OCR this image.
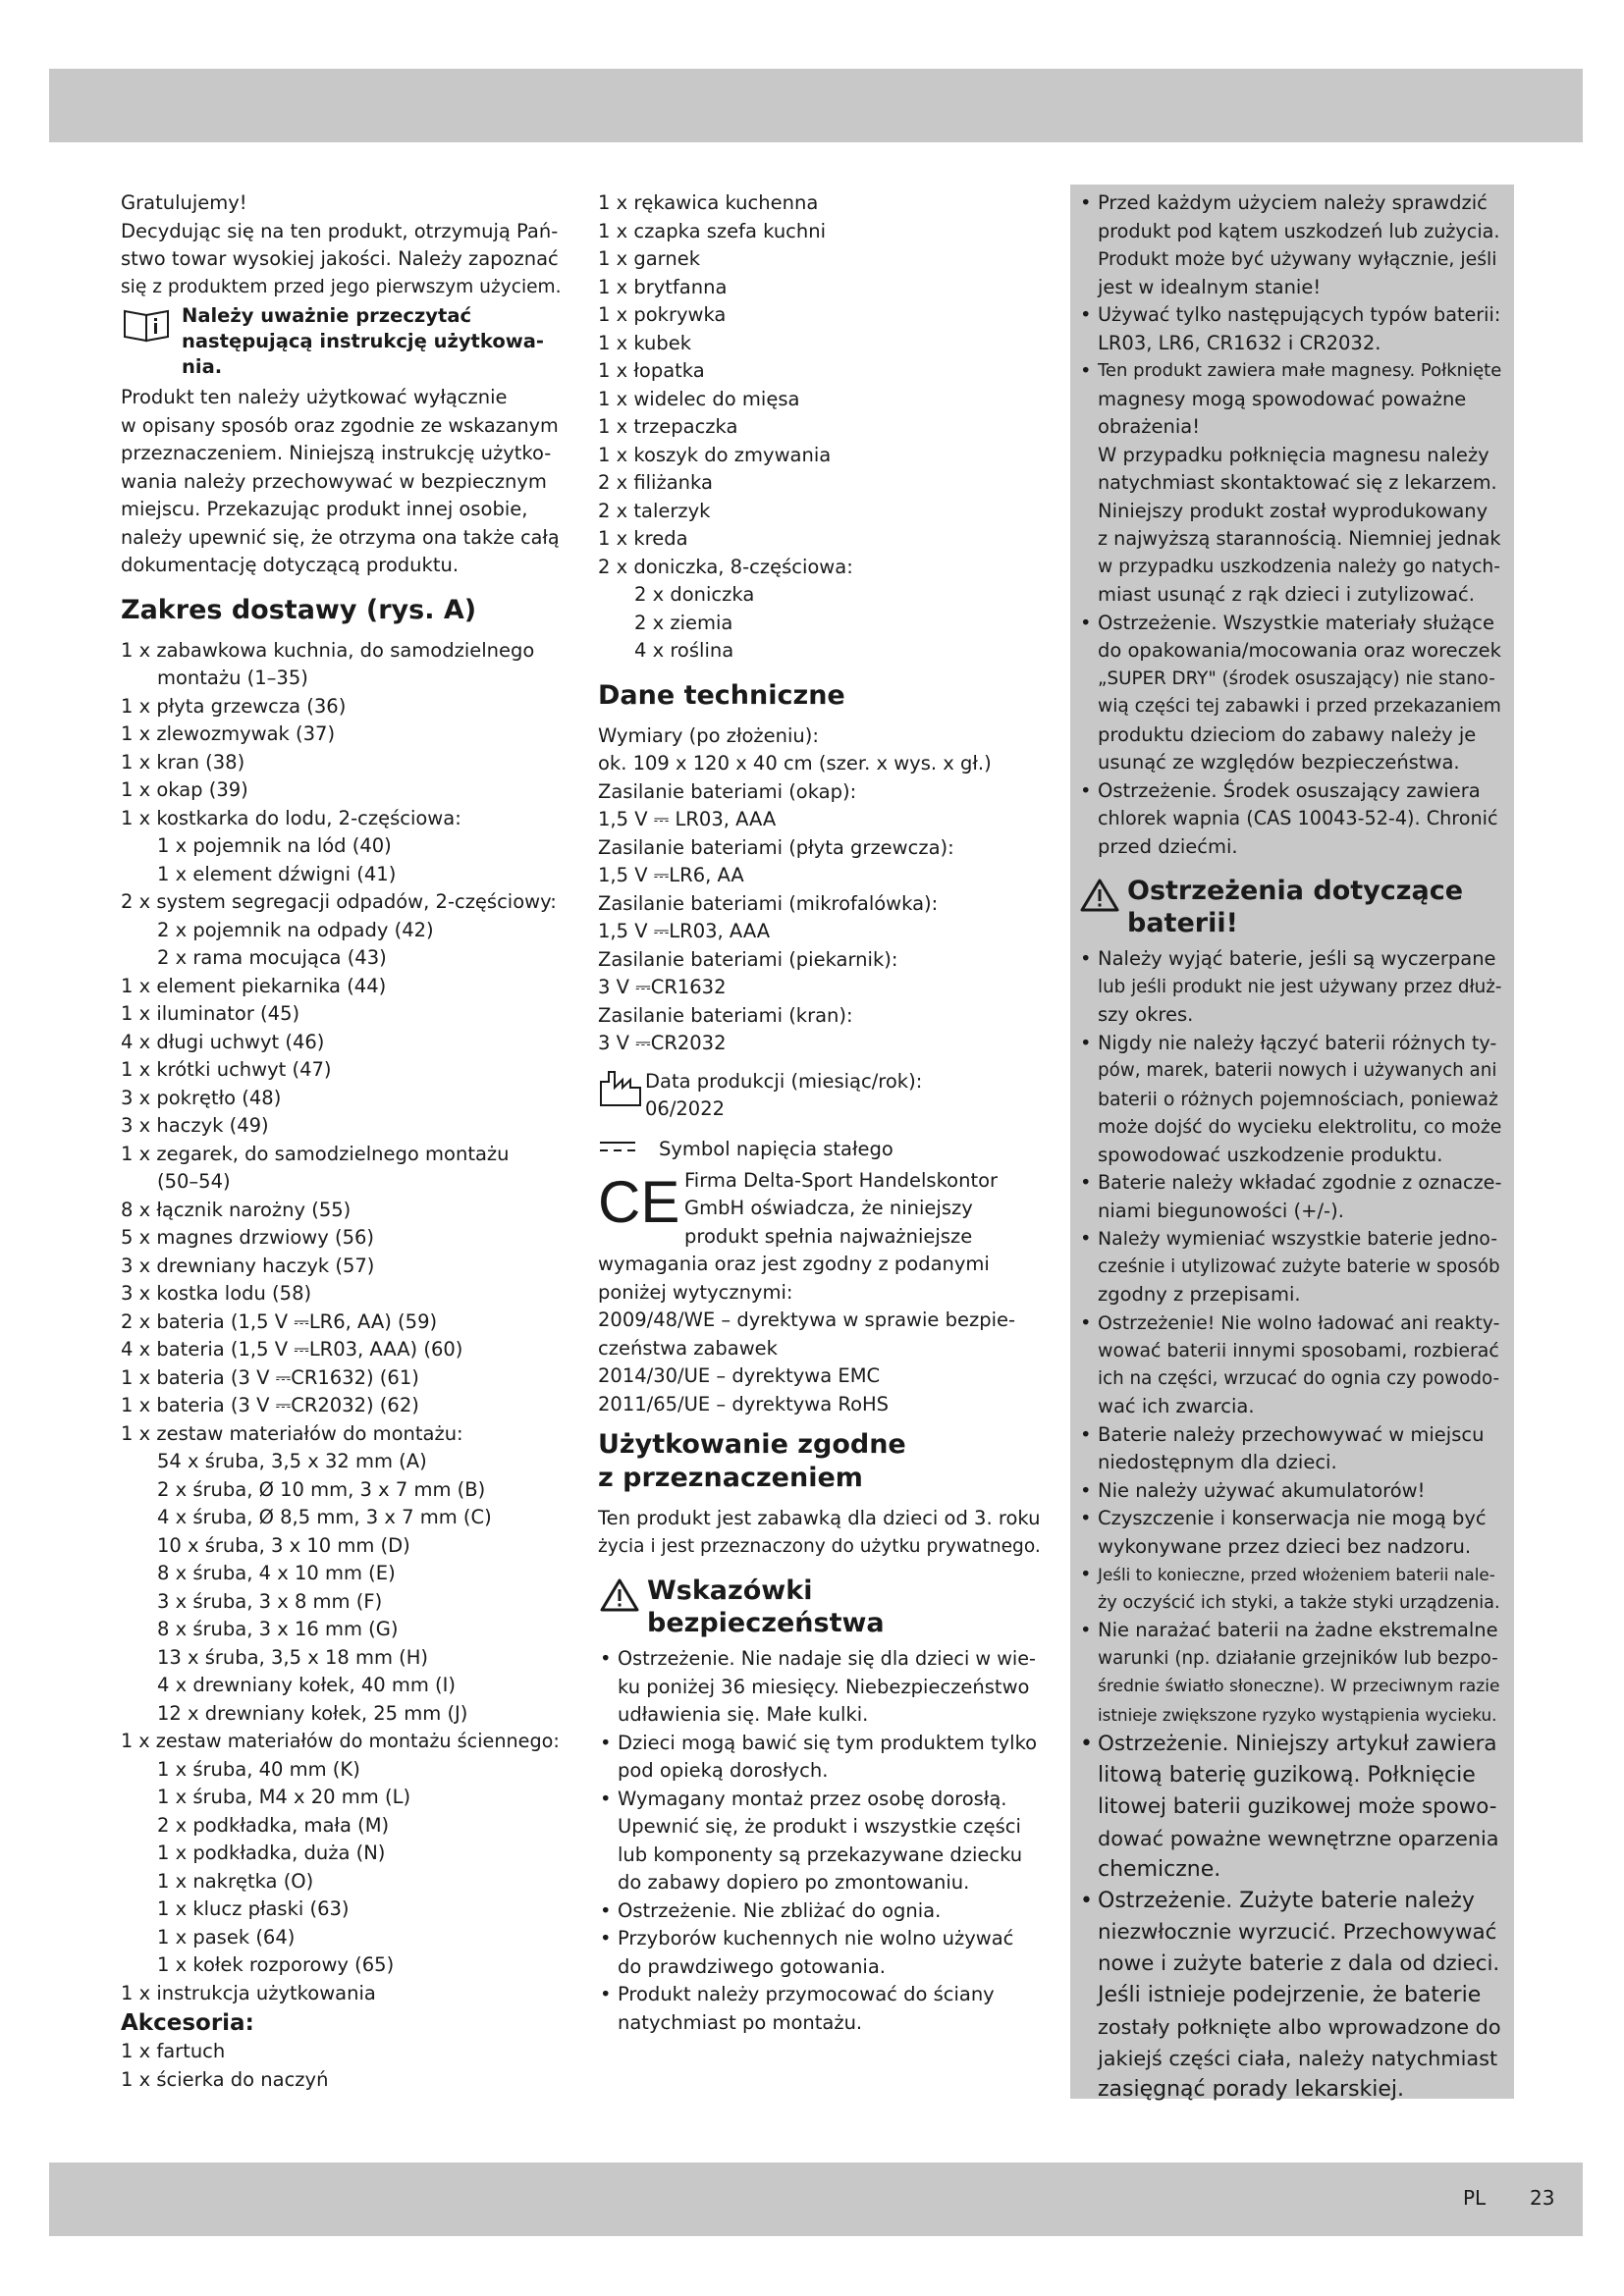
Gratulujemy!

Decydując się na ten produkt, otrzymują Pań-

stwo towar wysokiej jakości. Należy zapoznać

się z produktem przed jego pierwszym użyciem.

Należy uważnie przeczytać

następującą instrukcję użytkowa-

nia.

Produkt ten należy użytkować wyłącznie

w opisany sposób oraz zgodnie ze wskazanym

przeznaczeniem. Niniejszą instrukcję użytko-

wania należy przechowywać w bezpiecznym

miejscu. Przekazując produkt innej osobie,

należy upewnić się, że otrzyma ona także całą

dokumentację dotyczącą produktu.

Zakres dostawy (rys. A)

1 x zabawkowa kuchnia, do samodzielnego

montażu (1–35)

1 x płyta grzewcza (36)

1 x zlewozmywak (37)

1 x kran (38)

1 x okap (39)

1 x kostkarka do lodu, 2-częściowa:

1 x pojemnik na lód (40)

1 x element dźwigni (41)

2 x system segregacji odpadów, 2-częściowy:

2 x pojemnik na odpady (42)

2 x rama mocująca (43)

1 x element piekarnika (44)

1 x iluminator (45)

4 x długi uchwyt (46)

1 x krótki uchwyt (47)

3 x pokrętło (48)

3 x haczyk (49)

1 x zegarek, do samodzielnego montażu

(50–54)

8 x łącznik narożny (55)

5 x magnes drzwiowy (56)

3 x drewniany haczyk (57)

3 x kostka lodu (58)

2 x bateria (1,5 V ⎓LR6, AA) (59)

4 x bateria (1,5 V ⎓LR03, AAA) (60)

1 x bateria (3 V ⎓CR1632) (61)

1 x bateria (3 V ⎓CR2032) (62)

1 x zestaw materiałów do montażu:

54 x śruba, 3,5 x 32 mm (A)

2 x śruba, Ø 10 mm, 3 x 7 mm (B)

4 x śruba, Ø 8,5 mm, 3 x 7 mm (C)

10 x śruba, 3 x 10 mm (D)

8 x śruba, 4 x 10 mm (E)

3 x śruba, 3 x 8 mm (F)

8 x śruba, 3 x 16 mm (G)

13 x śruba, 3,5 x 18 mm (H)

4 x drewniany kołek, 40 mm (I)

12 x drewniany kołek, 25 mm (J)

1 x zestaw materiałów do montażu ściennego:

1 x śruba, 40 mm (K)

1 x śruba, M4 x 20 mm (L)

2 x podkładka, mała (M)

1 x podkładka, duża (N)

1 x nakrętka (O)

1 x klucz płaski (63)

1 x pasek (64)

1 x kołek rozporowy (65)

1 x instrukcja użytkowania

Akcesoria:

1 x fartuch

1 x ścierka do naczyń

1 x rękawica kuchenna

1 x czapka szefa kuchni

1 x garnek

1 x brytfanna

1 x pokrywka

1 x kubek

1 x łopatka

1 x widelec do mięsa

1 x trzepaczka

1 x koszyk do zmywania

2 x filiżanka

2 x talerzyk

1 x kreda

2 x doniczka, 8-częściowa:

2 x doniczka

2 x ziemia

4 x roślina

Dane techniczne

Wymiary (po złożeniu):

ok. 109 x 120 x 40 cm (szer. x wys. x gł.)

Zasilanie bateriami (okap):

1,5 V ⎓ LR03, AAA

Zasilanie bateriami (płyta grzewcza):

1,5 V ⎓LR6, AA

Zasilanie bateriami (mikrofalówka):

1,5 V ⎓LR03, AAA

Zasilanie bateriami (piekarnik):

3 V ⎓CR1632

Zasilanie bateriami (kran):

3 V ⎓CR2032

Data produkcji (miesiąc/rok):

06/2022

Symbol napięcia stałego
CE Firma Delta-Sport Handelskontor

GmbH oświadcza, że niniejszy

produkt spełnia najważniejsze

wymagania oraz jest zgodny z podanymi

poniżej wytycznymi:

2009/48/WE – dyrektywa w sprawie bezpie-

czeństwa zabawek

2014/30/UE – dyrektywa EMC

2011/65/UE – dyrektywa RoHS

Użytkowanie zgodne
z przeznaczeniem

Ten produkt jest zabawką dla dzieci od 3. roku

życia i jest przeznaczony do użytku prywatnego.

Wskazówki
bezpieczeństwa
• Ostrzeżenie. Nie nadaje się dla dzieci w wie-
ku poniżej 36 miesięcy. Niebezpieczeństwo
udławienia się. Małe kulki.
• Dzieci mogą bawić się tym produktem tylko
pod opieką dorosłych.
• Wymagany montaż przez osobę dorosłą.
Upewnić się, że produkt i wszystkie części
lub komponenty są przekazywane dziecku
do zabawy dopiero po zmontowaniu.
• Ostrzeżenie. Nie zbliżać do ognia.
• Przyborów kuchennych nie wolno używać
do prawdziwego gotowania.
• Produkt należy przymocować do ściany
natychmiast po montażu.
• Przed każdym użyciem należy sprawdzić
produkt pod kątem uszkodzeń lub zużycia.
Produkt może być używany wyłącznie, jeśli
jest w idealnym stanie!
• Używać tylko następujących typów baterii:
LR03, LR6, CR1632 i CR2032.
• Ten produkt zawiera małe magnesy. Połknięte
magnesy mogą spowodować poważne
obrażenia!
W przypadku połknięcia magnesu należy
natychmiast skontaktować się z lekarzem.
Niniejszy produkt został wyprodukowany
z najwyższą starannością. Niemniej jednak
w przypadku uszkodzenia należy go natych-
miast usunąć z rąk dzieci i zutylizować.
• Ostrzeżenie. Wszystkie materiały służące
do opakowania/mocowania oraz woreczek
„SUPER DRY" (środek osuszający) nie stano-
wią części tej zabawki i przed przekazaniem
produktu dzieciom do zabawy należy je
usunąć ze względów bezpieczeństwa.
• Ostrzeżenie. Środek osuszający zawiera
chlorek wapnia (CAS 10043-52-4). Chronić
przed dziećmi.
Ostrzeżenia dotyczące
baterii!
• Należy wyjąć baterie, jeśli są wyczerpane
lub jeśli produkt nie jest używany przez dłuż-
szy okres.
• Nigdy nie należy łączyć baterii różnych ty-
pów, marek, baterii nowych i używanych ani
baterii o różnych pojemnościach, ponieważ
może dojść do wycieku elektrolitu, co może
spowodować uszkodzenie produktu.
• Baterie należy wkładać zgodnie z oznacze-
niami biegunowości (+/-).
• Należy wymieniać wszystkie baterie jedno-
cześnie i utylizować zużyte baterie w sposób
zgodny z przepisami.
• Ostrzeżenie! Nie wolno ładować ani reakty-
wować baterii innymi sposobami, rozbierać
ich na części, wrzucać do ognia czy powodo-
wać ich zwarcia.
• Baterie należy przechowywać w miejscu
niedostępnym dla dzieci.
• Nie należy używać akumulatorów!
• Czyszczenie i konserwacja nie mogą być
wykonywane przez dzieci bez nadzoru.
• Jeśli to konieczne, przed włożeniem baterii nale-
ży oczyścić ich styki, a także styki urządzenia.
• Nie narażać baterii na żadne ekstremalne
warunki (np. działanie grzejników lub bezpo-
średnie światło słoneczne). W przeciwnym razie
istnieje zwiększone ryzyko wystąpienia wycieku.
• Ostrzeżenie. Niniejszy artykuł zawiera
litową baterię guzikową. Połknięcie
litowej baterii guzikowej może spowo-
dować poważne wewnętrzne oparzenia
chemiczne.
• Ostrzeżenie. Zużyte baterie należy
niezwłocznie wyrzucić. Przechowywać
nowe i zużyte baterie z dala od dzieci.
Jeśli istnieje podejrzenie, że baterie
zostały połknięte albo wprowadzone do
jakiejś części ciała, należy natychmiast
zasięgnąć porady lekarskiej.
PL 23
